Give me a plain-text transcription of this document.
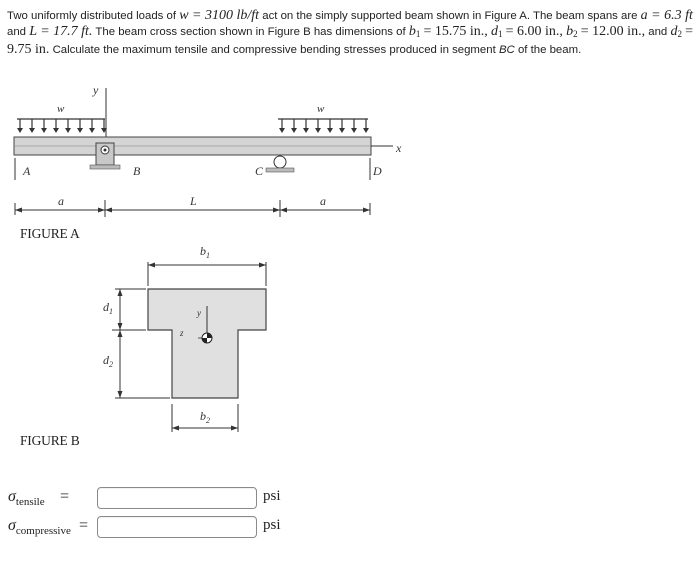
Two uniformly distributed loads of w = 3100 lb/ft act on the simply supported beam shown in Figure A. The beam spans are a = 6.3 ft and L = 17.7 ft. The beam cross section shown in Figure B has dimensions of $b_1 = 15.75$ in., $d_1 = 6.00$ in., $b_2 = 12.00$ in., and $d_2 = 9.75$ in. Calculate the maximum tensile and compressive bending stresses produced in segment BC of the beam.
y
w	w
x
A	B	C	D
a	L	a
$b_1$
$d_1$
$d_2$
$b_2$
y
z
FIGURE A
FIGURE B
$\sigma_{tensile}$ =	psi
$\sigma_{compressive}$ =	psi
